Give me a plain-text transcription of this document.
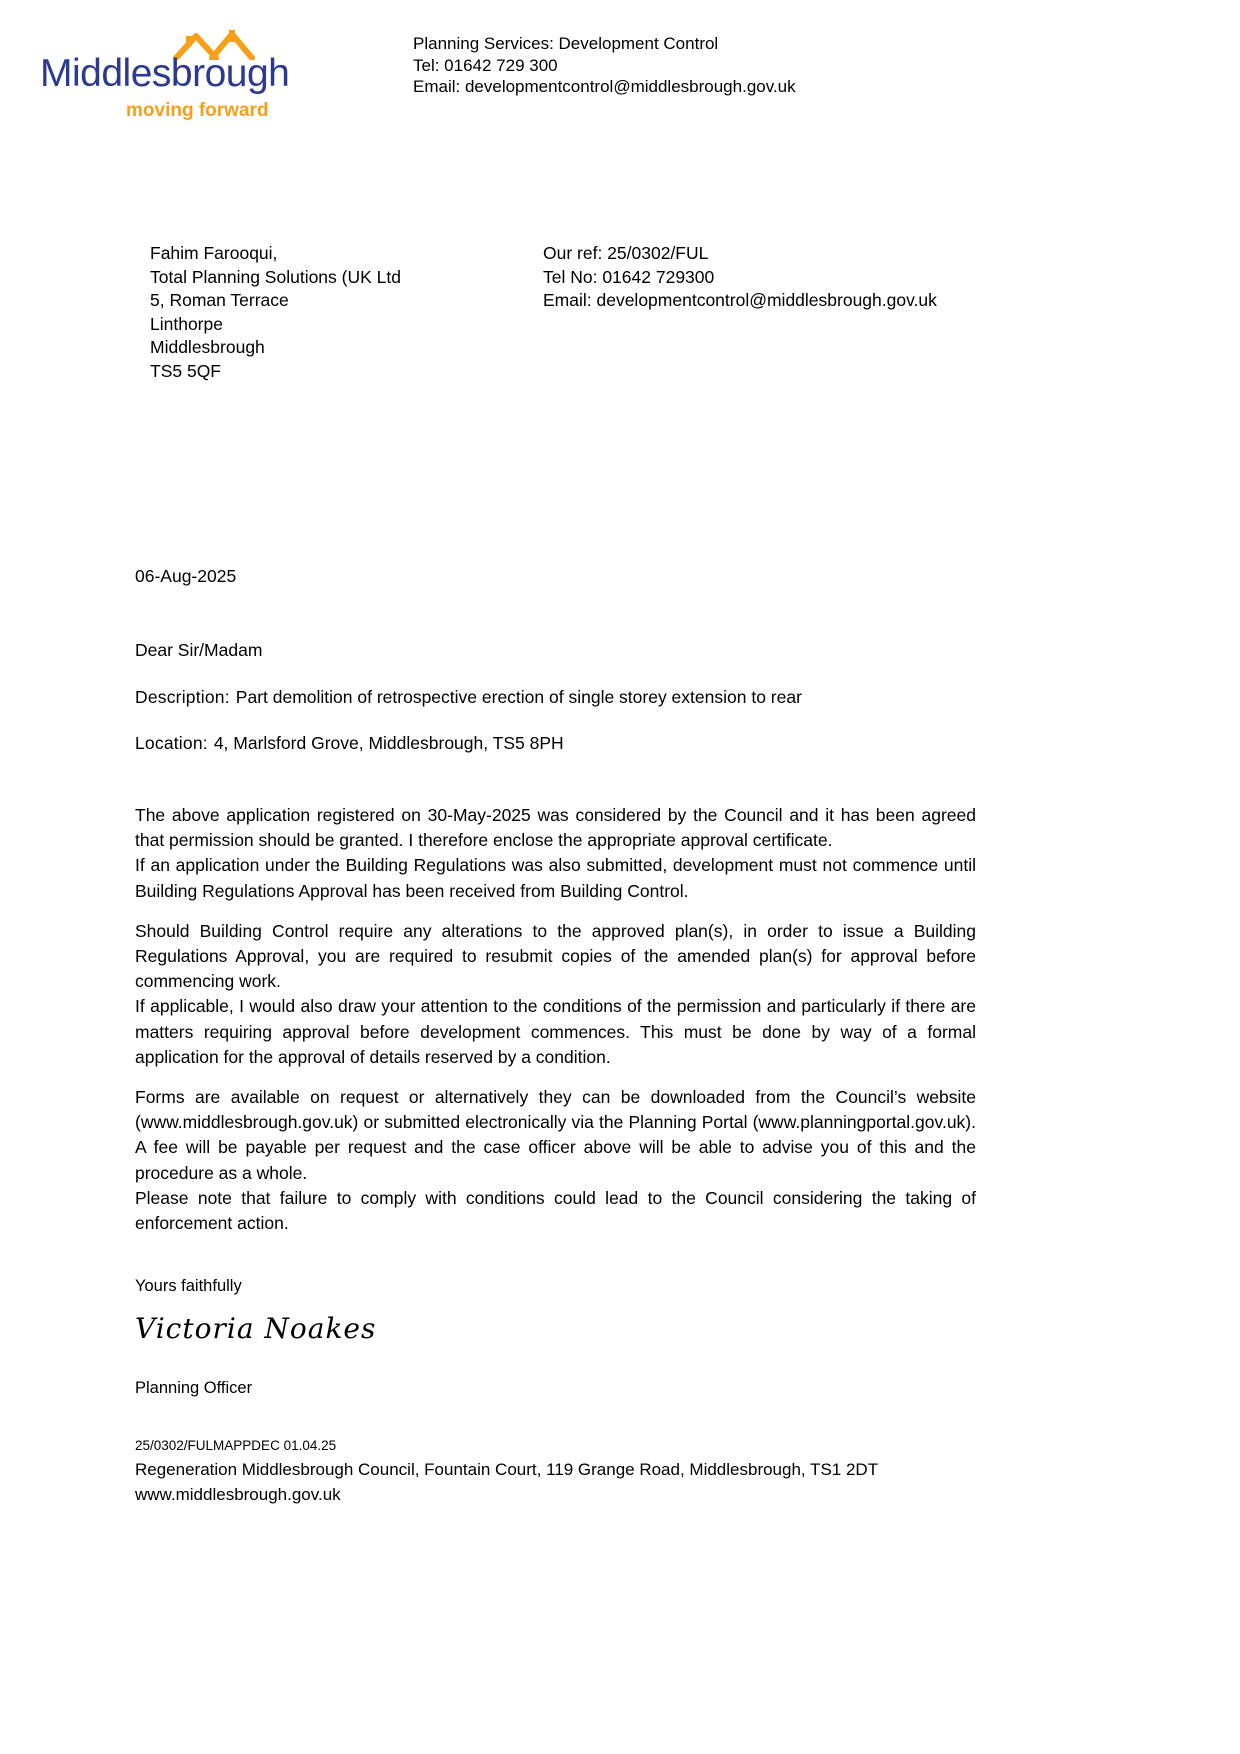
Middlesbrough
moving forward
Planning Services: Development Control
Tel: 01642 729 300
Email: developmentcontrol@middlesbrough.gov.uk
Fahim Farooqui,
Total Planning Solutions (UK Ltd
5, Roman Terrace
Linthorpe
Middlesbrough
TS5 5QF
Our ref: 25/0302/FUL
Tel No: 01642 729300
Email: developmentcontrol@middlesbrough.gov.uk
06-Aug-2025
Dear Sir/Madam
Description: Part demolition of retrospective erection of single storey extension to rear
Location: 4, Marlsford Grove, Middlesbrough, TS5 8PH

The above application registered on 30-May-2025 was considered by the Council and it has been agreed that permission should be granted. I therefore enclose the appropriate approval certificate.

If an application under the Building Regulations was also submitted, development must not commence until Building Regulations Approval has been received from Building Control.

Should Building Control require any alterations to the approved plan(s), in order to issue a Building Regulations Approval, you are required to resubmit copies of the amended plan(s) for approval before commencing work.

If applicable, I would also draw your attention to the conditions of the permission and particularly if there are matters requiring approval before development commences. This must be done by way of a formal application for the approval of details reserved by a condition.

Forms are available on request or alternatively they can be downloaded from the Council’s website (www.middlesbrough.gov.uk) or submitted electronically via the Planning Portal (www.planningportal.gov.uk). A fee will be payable per request and the case officer above will be able to advise you of this and the procedure as a whole.

Please note that failure to comply with conditions could lead to the Council considering the taking of enforcement action.

Yours faithfully
Victoria Noakes
Planning Officer
25/0302/FULMAPPDEC 01.04.25
Regeneration Middlesbrough Council, Fountain Court, 119 Grange Road, Middlesbrough, TS1 2DT
www.middlesbrough.gov.uk
